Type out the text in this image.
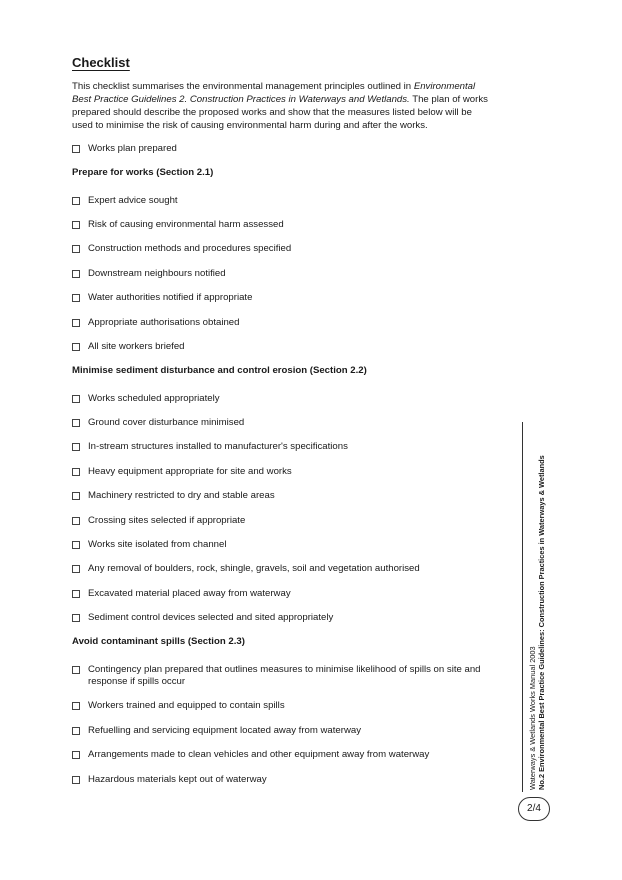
Checklist

This checklist summarises the environmental management principles outlined in Environmental Best Practice Guidelines 2. Construction Practices in Waterways and Wetlands. The plan of works prepared should describe the proposed works and show that the measures listed below will be used to minimise the risk of causing environmental harm during and after the works.

Works plan prepared
Prepare for works (Section 2.1)
Expert advice sought
Risk of causing environmental harm assessed
Construction methods and procedures specified
Downstream neighbours notified
Water authorities notified if appropriate
Appropriate authorisations obtained
All site workers briefed
Minimise sediment disturbance and control erosion (Section 2.2)
Works scheduled appropriately
Ground cover disturbance minimised
In-stream structures installed to manufacturer's specifications
Heavy equipment appropriate for site and works
Machinery restricted to dry and stable areas
Crossing sites selected if appropriate
Works site isolated from channel
Any removal of boulders, rock, shingle, gravels, soil and vegetation authorised
Excavated material placed away from waterway
Sediment control devices selected and sited appropriately
Avoid contaminant spills (Section 2.3)
Contingency plan prepared that outlines measures to minimise likelihood of spills on site and response if spills occur
Workers trained and equipped to contain spills
Refuelling and servicing equipment located away from waterway
Arrangements made to clean vehicles and other equipment away from waterway
Hazardous materials kept out of waterway	Waterways & Wetlands Works Manual 2003 No.2 Environmental Best Practice Guidelines: Construction Practices in Waterways & Wetlands
2/4
